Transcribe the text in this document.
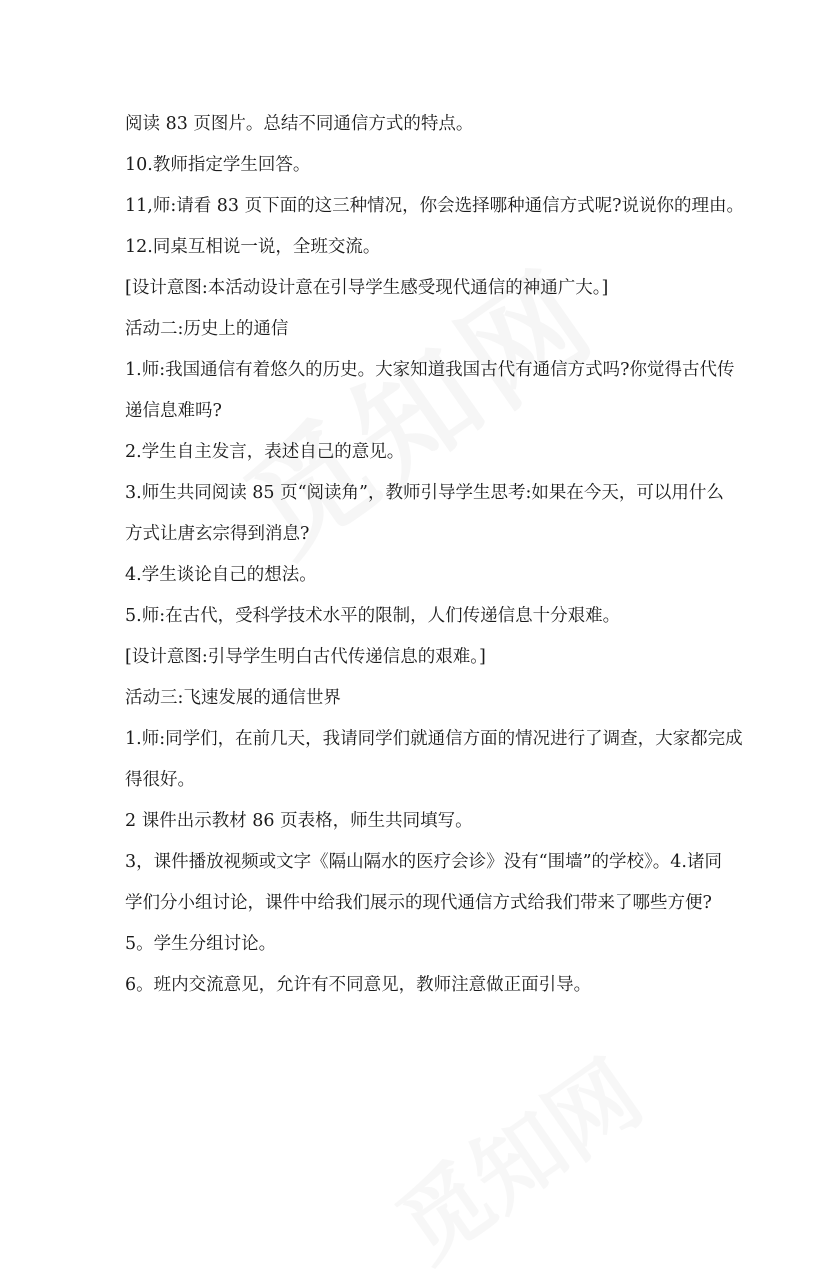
阅读 83 页图片。总结不同通信方式的特点。
10.教师指定学生回答。
11,师:请看 83 页下面的这三种情况，你会选择哪种通信方式呢?说说你的理由。
12.同桌互相说一说，全班交流。
[设计意图:本活动设计意在引导学生感受现代通信的神通广大。]
活动二:历史上的通信
1.师:我国通信有着悠久的历史。大家知道我国古代有通信方式吗?你觉得古代传
递信息难吗?
2.学生自主发言，表述自己的意见。
3.师生共同阅读 85 页“阅读角”，教师引导学生思考:如果在今天，可以用什么
方式让唐玄宗得到消息?
4.学生谈论自己的想法。
5.师:在古代，受科学技术水平的限制，人们传递信息十分艰难。
[设计意图:引导学生明白古代传递信息的艰难。]
活动三:飞速发展的通信世界
1.师:同学们，在前几天，我请同学们就通信方面的情况进行了调查，大家都完成
得很好。
2 课件出示教材 86 页表格，师生共同填写。
3，课件播放视频或文字《隔山隔水的医疗会诊》没有“围墙”的学校》。4.诸同
学们分小组讨论，课件中给我们展示的现代通信方式给我们带来了哪些方便?
5。学生分组讨论。
6。班内交流意见，允许有不同意见，教师注意做正面引导。
